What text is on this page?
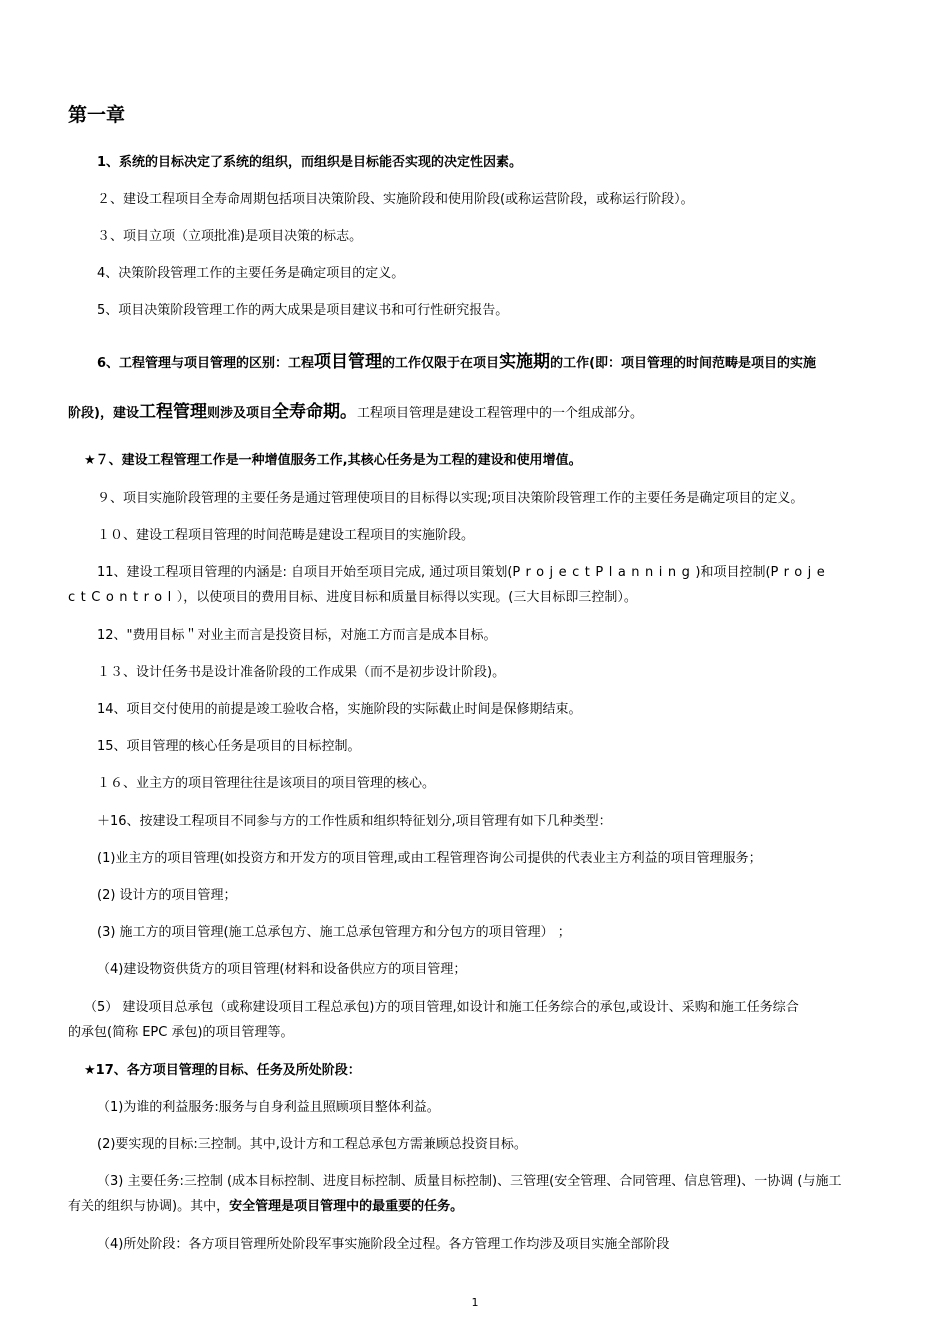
第一章
1、系统的目标决定了系统的组织，而组织是目标能否实现的决定性因素。
２、建设工程项目全寿命周期包括项目决策阶段、实施阶段和使用阶段(或称运营阶段，或称运行阶段）。
３、项目立项（立项批准)是项目决策的标志。
4、决策阶段管理工作的主要任务是确定项目的定义。
5、项目决策阶段管理工作的两大成果是项目建议书和可行性研究报告。
6、工程管理与项目管理的区别：工程项目管理的工作仅限于在项目实施期的工作(即：项目管理的时间范畴是项目的实施
阶段)，建设工程管理则涉及项目全寿命期。工程项目管理是建设工程管理中的一个组成部分。
★７、建设工程管理工作是一种增值服务工作,其核心任务是为工程的建设和使用增值。
９、项目实施阶段管理的主要任务是通过管理使项目的目标得以实现;项目决策阶段管理工作的主要任务是确定项目的定义。
１０、建设工程项目管理的时间范畴是建设工程项目的实施阶段。
11、建设工程项目管理的内涵是: 自项目开始至项目完成, 通过项目策划(ProjectPlanning)和项目控制(Proje
ctControl），以使项目的费用目标、进度目标和质量目标得以实现。(三大目标即三控制）。
12、"费用目标＂对业主而言是投资目标，对施工方而言是成本目标。
１３、设计任务书是设计准备阶段的工作成果（而不是初步设计阶段)。
14、项目交付使用的前提是竣工验收合格，实施阶段的实际截止时间是保修期结束。
15、项目管理的核心任务是项目的目标控制。
１６、业主方的项目管理往往是该项目的项目管理的核心。
＋16、按建设工程项目不同参与方的工作性质和组织特征划分,项目管理有如下几种类型：
(1)业主方的项目管理(如投资方和开发方的项目管理,或由工程管理咨询公司提供的代表业主方利益的项目管理服务；
(2) 设计方的项目管理；
(3) 施工方的项目管理(施工总承包方、施工总承包管理方和分包方的项目管理） ；
（4)建设物资供货方的项目管理(材料和设备供应方的项目管理；
（5） 建设项目总承包（或称建设项目工程总承包)方的项目管理,如设计和施工任务综合的承包,或设计、采购和施工任务综合
的承包(简称 EPC 承包)的项目管理等。
★17、各方项目管理的目标、任务及所处阶段：
（1)为谁的利益服务:服务与自身利益且照顾项目整体利益。
(2)要实现的目标:三控制。其中,设计方和工程总承包方需兼顾总投资目标。
（3) 主要任务:三控制 (成本目标控制、进度目标控制、质量目标控制)、三管理(安全管理、合同管理、信息管理)、一协调 (与施工
有关的组织与协调)。其中，安全管理是项目管理中的最重要的任务。
（4)所处阶段：各方项目管理所处阶段军事实施阶段全过程。各方管理工作均涉及项目实施全部阶段
1
